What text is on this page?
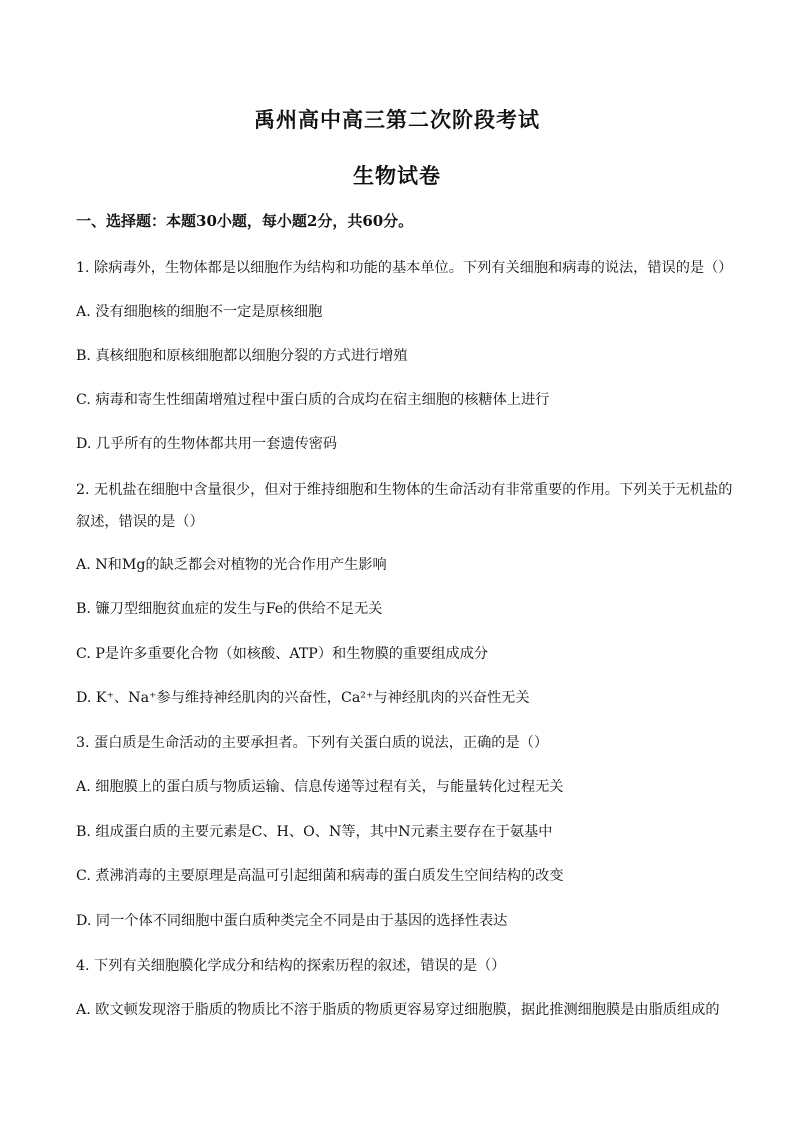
禹州高中高三第二次阶段考试
生物试卷
一、选择题：本题30小题，每小题2分，共60分。
1. 除病毒外，生物体都是以细胞作为结构和功能的基本单位。下列有关细胞和病毒的说法，错误的是（）
A. 没有细胞核的细胞不一定是原核细胞
B. 真核细胞和原核细胞都以细胞分裂的方式进行增殖
C. 病毒和寄生性细菌增殖过程中蛋白质的合成均在宿主细胞的核糖体上进行
D. 几乎所有的生物体都共用一套遗传密码
2. 无机盐在细胞中含量很少，但对于维持细胞和生物体的生命活动有非常重要的作用。下列关于无机盐的
叙述，错误的是（）
A. N和Mg的缺乏都会对植物的光合作用产生影响
B. 镰刀型细胞贫血症的发生与Fe的供给不足无关
C. P是许多重要化合物（如核酸、ATP）和生物膜的重要组成成分
D. K⁺、Na⁺参与维持神经肌肉的兴奋性，Ca²⁺与神经肌肉的兴奋性无关
3. 蛋白质是生命活动的主要承担者。下列有关蛋白质的说法，正确的是（）
A. 细胞膜上的蛋白质与物质运输、信息传递等过程有关，与能量转化过程无关
B. 组成蛋白质的主要元素是C、H、O、N等，其中N元素主要存在于氨基中
C. 煮沸消毒的主要原理是高温可引起细菌和病毒的蛋白质发生空间结构的改变
D. 同一个体不同细胞中蛋白质种类完全不同是由于基因的选择性表达
4. 下列有关细胞膜化学成分和结构的探索历程的叙述，错误的是（）
A. 欧文顿发现溶于脂质的物质比不溶于脂质的物质更容易穿过细胞膜，据此推测细胞膜是由脂质组成的
